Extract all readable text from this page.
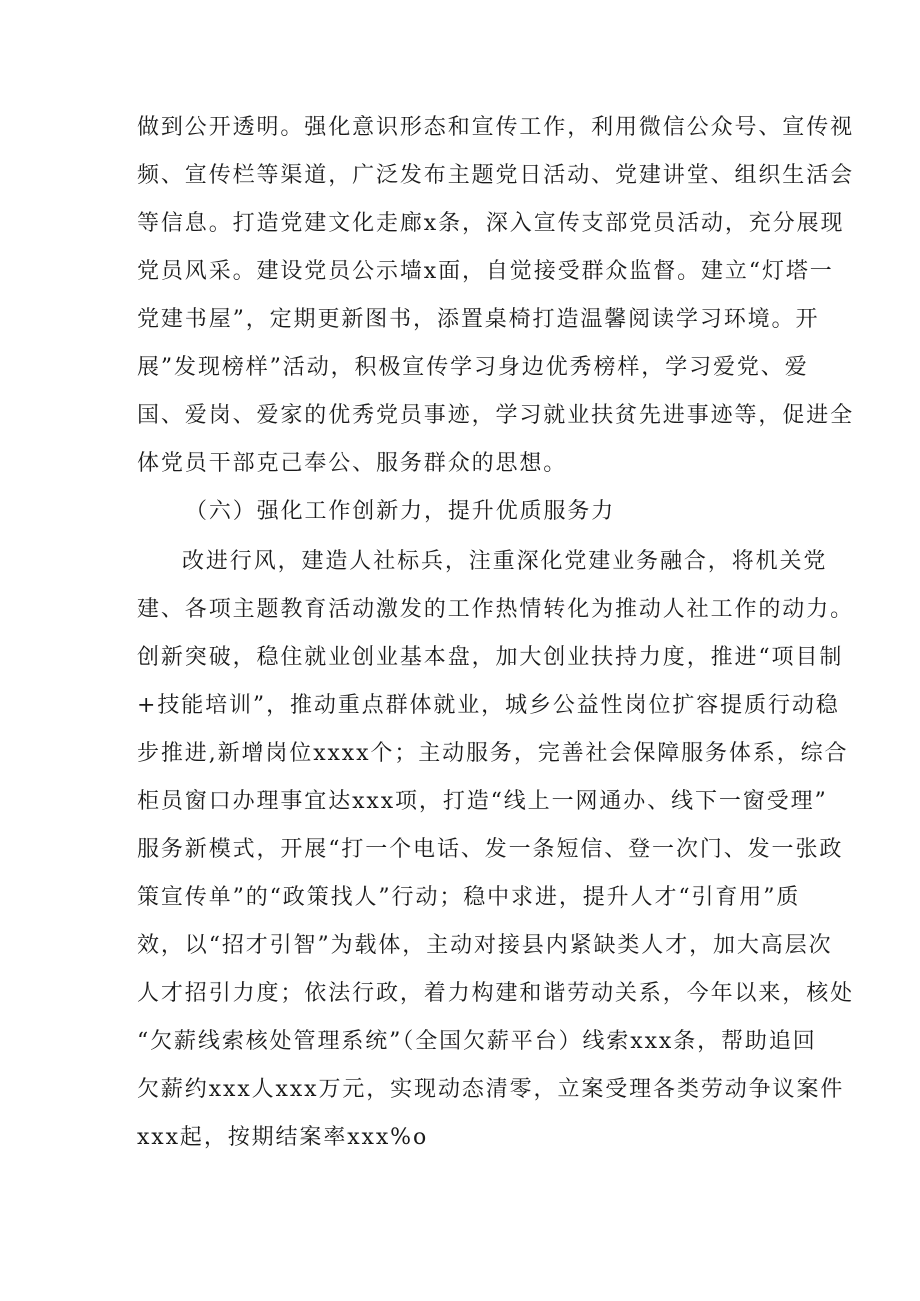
做到公开透明。强化意识形态和宣传工作，利用微信公众号、宣传视
频、宣传栏等渠道，广泛发布主题党日活动、党建讲堂、组织生活会
等信息。打造党建文化走廊x条，深入宣传支部党员活动，充分展现
党员风采。建设党员公示墙x面，自觉接受群众监督。建立“灯塔一
党建书屋”，定期更新图书，添置桌椅打造温馨阅读学习环境。开
展”发现榜样”活动，积极宣传学习身边优秀榜样，学习爱党、爱
国、爱岗、爱家的优秀党员事迹，学习就业扶贫先进事迹等，促进全
体党员干部克己奉公、服务群众的思想。
（六）强化工作创新力，提升优质服务力
改进行风，建造人社标兵，注重深化党建业务融合，将机关党
建、各项主题教育活动激发的工作热情转化为推动人社工作的动力。
创新突破，稳住就业创业基本盘，加大创业扶持力度，推进“项目制
+技能培训”，推动重点群体就业，城乡公益性岗位扩容提质行动稳
步推进,新增岗位xxxx个；主动服务，完善社会保障服务体系，综合
柜员窗口办理事宜达xxx项，打造“线上一网通办、线下一窗受理”
服务新模式，开展“打一个电话、发一条短信、登一次门、发一张政
策宣传单”的“政策找人”行动；稳中求进，提升人才“引育用”质
效，以“招才引智”为载体，主动对接县内紧缺类人才，加大高层次
人才招引力度；依法行政，着力构建和谐劳动关系，今年以来，核处
“欠薪线索核处管理系统”（全国欠薪平台）线索xxx条，帮助追回
欠薪约xxx人xxx万元，实现动态清零，立案受理各类劳动争议案件
xxx起，按期结案率xxx%o
